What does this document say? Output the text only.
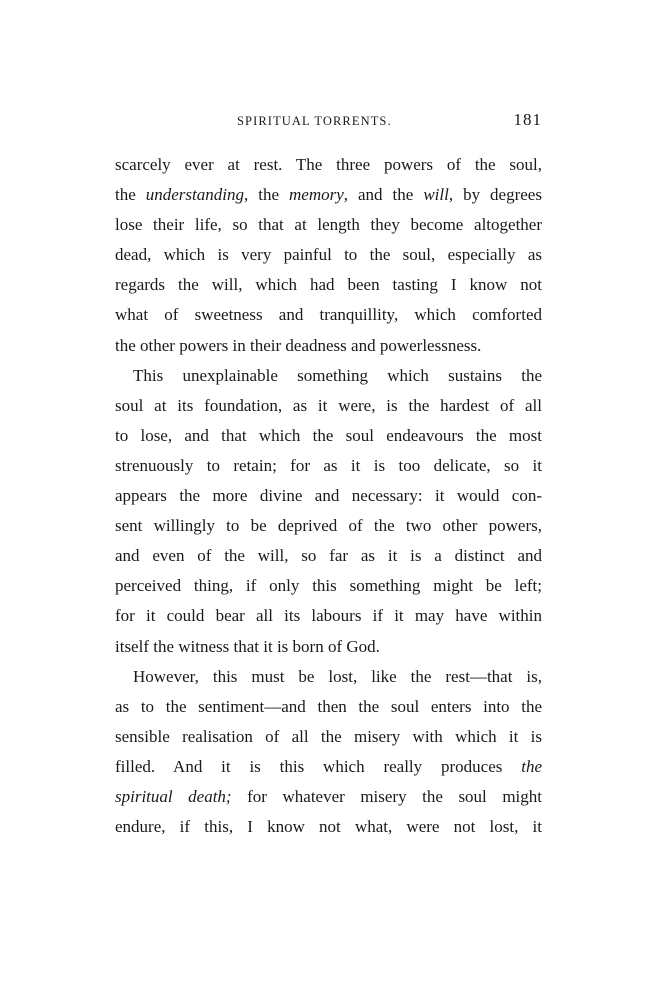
SPIRITUAL TORRENTS.	181
scarcely ever at rest. The three powers of the soul,
the understanding, the memory, and the will, by degrees
lose their life, so that at length they become altogether
dead, which is very painful to the soul, especially as
regards the will, which had been tasting I know not
what of sweetness and tranquillity, which comforted
the other powers in their deadness and powerlessness.
This unexplainable something which sustains the
soul at its foundation, as it were, is the hardest of all
to lose, and that which the soul endeavours the most
strenuously to retain; for as it is too delicate, so it
appears the more divine and necessary: it would con-
sent willingly to be deprived of the two other powers,
and even of the will, so far as it is a distinct and
perceived thing, if only this something might be left;
for it could bear all its labours if it may have within
itself the witness that it is born of God.
However, this must be lost, like the rest—that is,
as to the sentiment—and then the soul enters into the
sensible realisation of all the misery with which it is
filled. And it is this which really produces the
spiritual death; for whatever misery the soul might
endure, if this, I know not what, were not lost, it
